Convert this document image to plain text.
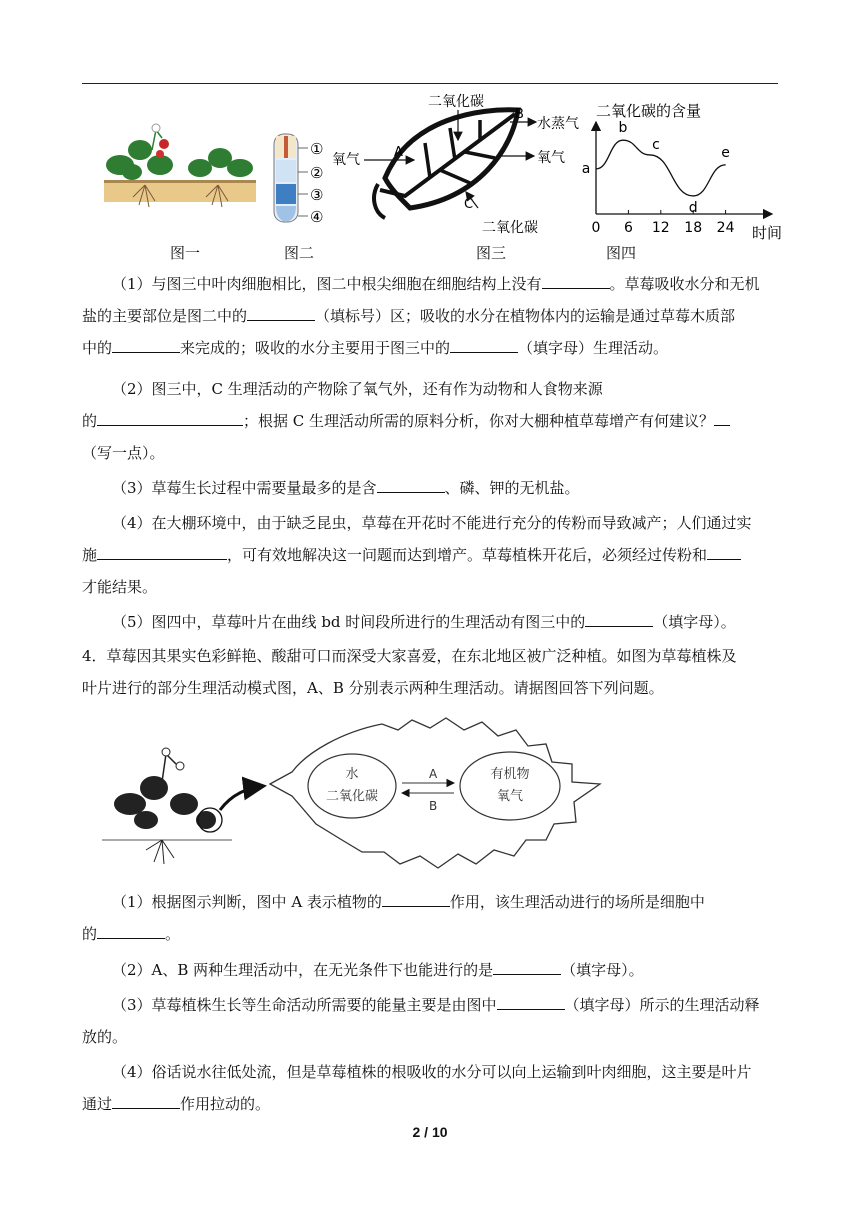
图一
①
②
③
④
图二
二氧化碳
B
水蒸气
氧气	A	氧气
C
二氧化碳
图三
二氧化碳的含量
0 6 12 18 24
a
b
c
d
e
时间
图四
（1）与图三中叶肉细胞相比，图二中根尖细胞在细胞结构上没有	。草莓吸收水分和无机
盐的主要部位是图二中的	（填标号）区；吸收的水分在植物体内的运输是通过草莓木质部
中的	来完成的；吸收的水分主要用于图三中的	（填字母）生理活动。
（2）图三中，C 生理活动的产物除了氧气外，还有作为动物和人食物来源
的	；根据 C 生理活动所需的原料分析，你对大棚种植草莓增产有何建议？
（写一点）。
（3）草莓生长过程中需要量最多的是含	、磷、钾的无机盐。
（4）在大棚环境中，由于缺乏昆虫，草莓在开花时不能进行充分的传粉而导致减产；人们通过实
施	，可有效地解决这一问题而达到增产。草莓植株开花后，必须经过传粉和
才能结果。
（5）图四中，草莓叶片在曲线 bd 时间段所进行的生理活动有图三中的	（填字母）。
4．草莓因其果实色彩鲜艳、酸甜可口而深受大家喜爱，在东北地区被广泛种植。如图为草莓植株及
叶片进行的部分生理活动模式图，A、B 分别表示两种生理活动。请据图回答下列问题。
水
二氧化碳
有机物
氧气
A
B
（1）根据图示判断，图中 A 表示植物的	作用，该生理活动进行的场所是细胞中
的	。
（2）A、B 两种生理活动中，在无光条件下也能进行的是	（填字母）。
（3）草莓植株生长等生命活动所需要的能量主要是由图中	（填字母）所示的生理活动释
放的。
（4）俗话说水往低处流，但是草莓植株的根吸收的水分可以向上运输到叶肉细胞，这主要是叶片
通过	作用拉动的。
2 / 10
